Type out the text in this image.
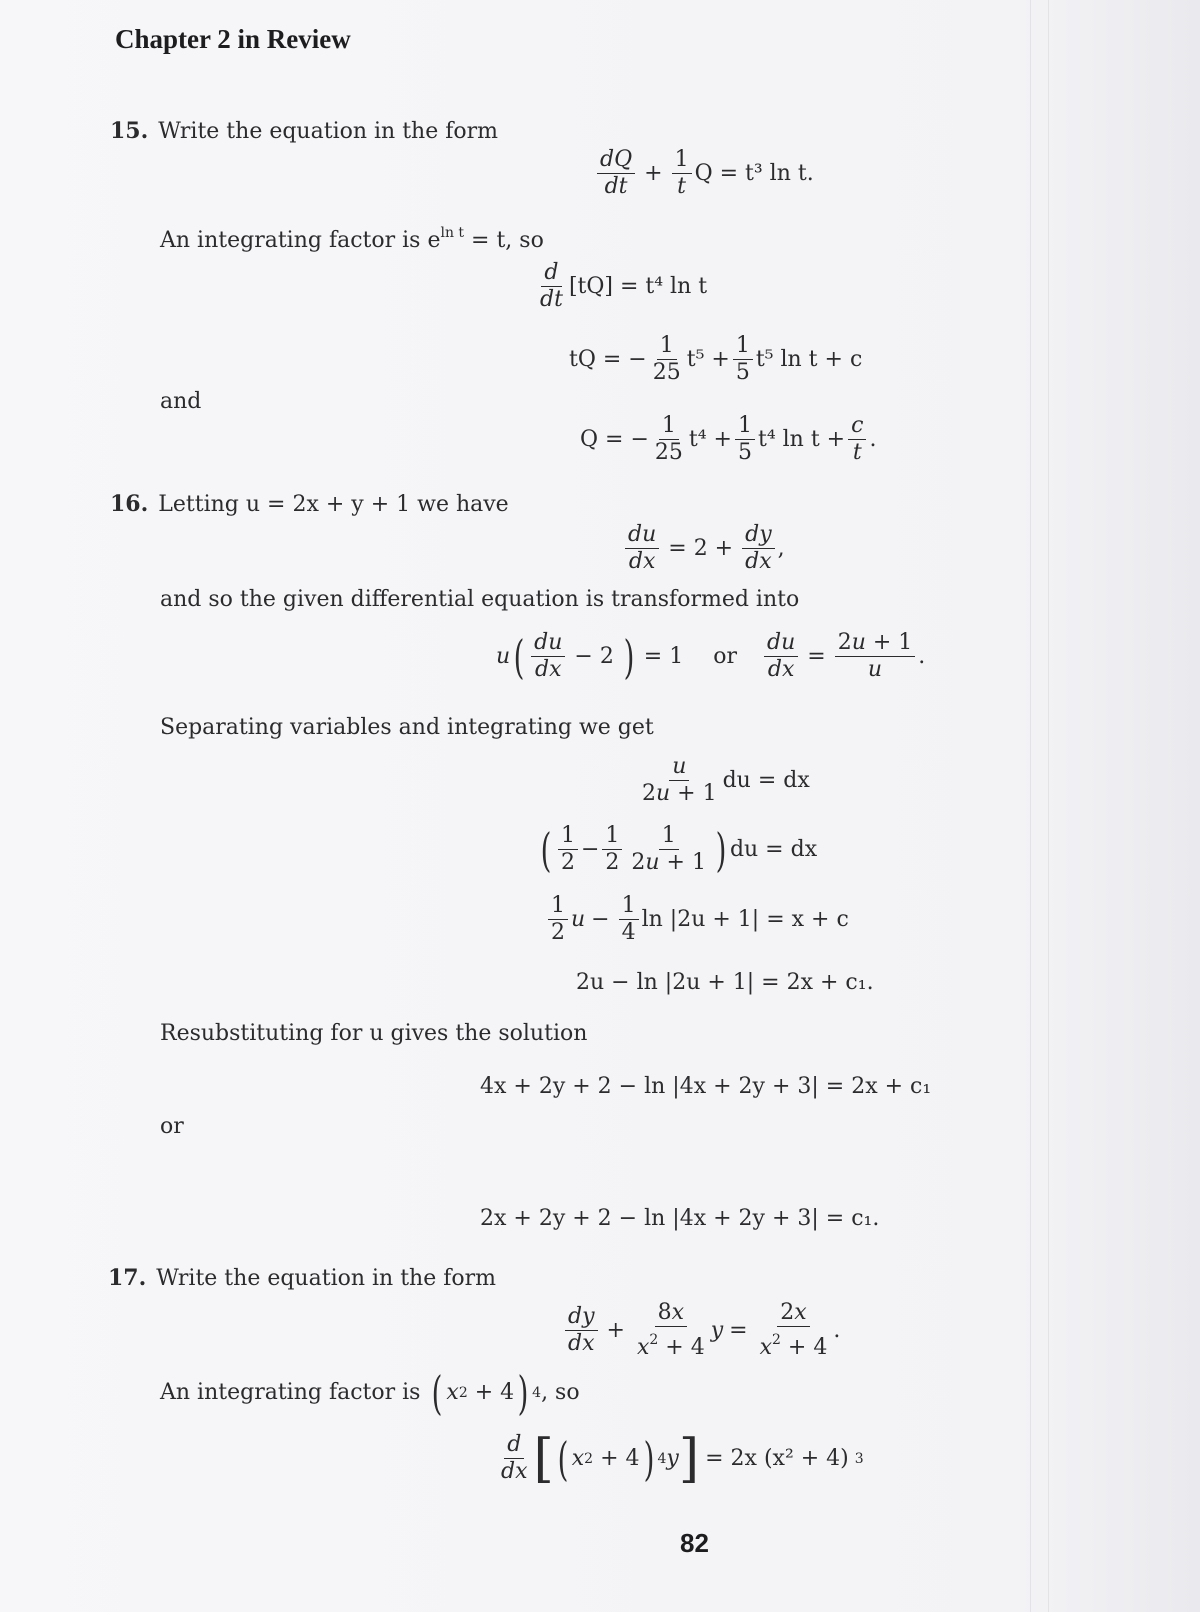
Chapter 2 in Review
15. Write the equation in the form
$\frac{dQ}{dt} + \frac{1}{t}$ Q = t³ ln t.
An integrating factor is $e^{ln t} = t$, so
$\frac{d}{dt} [tQ] = t^4$ ln t
tQ = − $\frac{1}{25} t^5 + \frac{1}{5} t^5$ ln t + c
and
Q = − $\frac{1}{25} t^4 + \frac{1}{5} t^4$ $\ln t + \frac{c}{t}$ .
16. Letting u = 2x + y + 1 we have
$\frac{du}{dx} = 2 + \frac{dy}{dx}$ ,
and so the given differential equation is transformed into
u ( $\frac{du}{dx} - 2$ ) = 1 or $\frac{du}{dx} = \frac{2u + 1}{u}$ .
Separating variables and integrating we get
$\frac{u}{2u + 1}$ du = dx
( $\frac{1}{2} - \frac{1}{2} \frac{1}{2u + 1}$ ) du = dx
$\frac{1}{2}$ $u - \frac{1}{4}$ ln |2u + 1| = x + c
2u − ln |2u + 1| = 2x + c₁.
Resubstituting for u gives the solution
4x + 2y + 2 − ln |4x + 2y + 3| = 2x + c₁
or
2x + 2y + 2 − ln |4x + 2y + 3| = c₁.
17. Write the equation in the form
$\frac{dy}{dx} + \frac{8x}{x^2 + 4}$ $y = \frac{2x}{x^2 + 4}$ .
An integrating factor is ( x 2 + 4 ) 4 , so
$\frac{d}{dx}$ [ ( x 2 + 4 ) 4 y ] = 2x (x² + 4) 3
82
